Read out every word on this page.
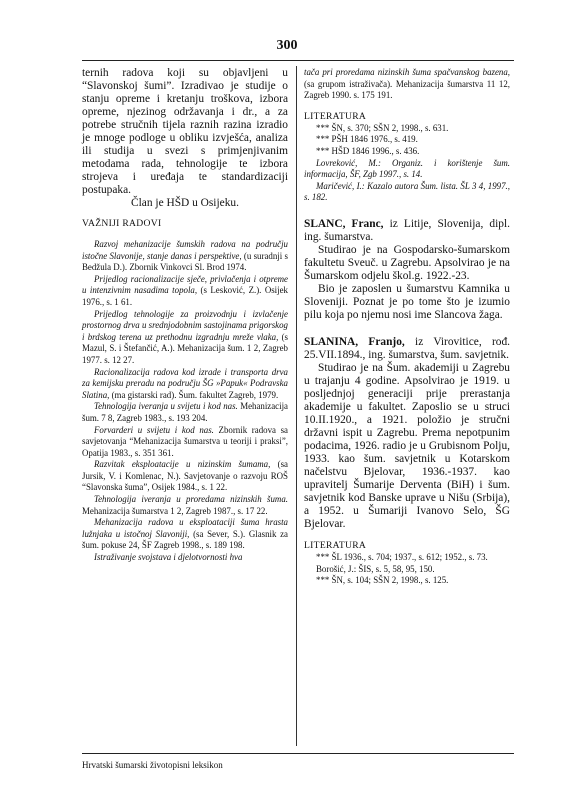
300

ternih radova koji su objavljeni u “Slavonskoj šumi”. Izradivao je studije o stanju opreme i kretanju troškova, izbora opreme, njezinog održavanja i dr., a za potrebe stručnih tijela raznih razina izradio je mnoge podloge u obliku izvješća, analiza ili studija u svezi s primjenjivanim metodama rada, tehnologije te izbora strojeva i uređaja te standardizaciji postupaka.

Član je HŠD u Osijeku.

VAŽNIJI RADOVI

Razvoj mehanizacije šumskih radova na području istočne Slavonije, stanje danas i perspektive, (u suradnji s Bedžula D.). Zbornik Vinkovci Sl. Brod 1974.

Prijedlog racionalizacije sječe, privlačenja i otpreme u intenzivnim nasadima topola, (s Lesković, Z.). Osijek 1976., s. 1 61.

Prijedlog tehnologije za proizvodnju i izvlačenje prostornog drva u srednjodobnim sastojinama prigorskog i brdskog terena uz prethodnu izgradnju mreže vlaka, (s Mazul, S. i Štefančić, A.). Mehanizacija šum. 1 2, Zagreb 1977. s. 12 27.

Racionalizacija radova kod izrade i transporta drva za kemijsku preradu na području ŠG »Papuk« Podravska Slatina, (ma gistarski rad). Šum. fakultet Zagreb, 1979.

Tehnologija iveranja u svijetu i kod nas. Mehanizacija šum. 7 8, Zagreb 1983., s. 193 204.

Forvarderi u svijetu i kod nas. Zbornik radova sa savjetovanja “Mehanizacija šumarstva u teoriji i praksi”, Opatija 1983., s. 351 361.

Razvitak eksploatacije u nizinskim šumama, (sa Jursik, V. i Komlenac, N.). Savjetovanje o razvoju ROŠ “Slavonska šuma”, Osijek 1984., s. 1 22.

Tehnologija iveranja u proredama nizinskih šuma. Mehanizacija šumarstva 1 2, Zagreb 1987., s. 17 22.

Mehanizacija radova u eksploataciji šuma hrasta lužnjaka u istočnoj Slavoniji, (sa Sever, S.). Glasnik za šum. pokuse 24, ŠF Zagreb 1998., s. 189 198.

Istraživanje svojstava i djelotvornosti hva

tača pri proredama nizinskih šuma spačvanskog bazena, (sa grupom istraživača). Mehanizacija šumarstva 11 12, Zagreb 1990. s. 175 191.

LITERATURA

*** ŠN, s. 370; SŠN 2, 1998., s. 631.

*** PŠH 1846 1976., s. 419.

*** HŠD 1846 1996., s. 436.

Lovreković, M.: Organiz. i korištenje šum. informacija, ŠF, Zgb 1997., s. 14.

Maričević, I.: Kazalo autora Šum. lista. ŠL 3 4, 1997., s. 182.

SLANC, Franc, iz Litije, Slovenija, dipl. ing. šumarstva.

Studirao je na Gospodarsko-šumarskom fakultetu Sveuč. u Zagrebu. Apsolvirao je na Šumarskom odjelu škol.g. 1922.-23.

Bio je zaposlen u šumarstvu Kamnika u Sloveniji. Poznat je po tome što je izumio pilu koja po njemu nosi ime Slancova žaga.

SLANINA, Franjo, iz Virovitice, rođ. 25.VII.1894., ing. šumarstva, šum. savjetnik.

Studirao je na Šum. akademiji u Zagrebu u trajanju 4 godine. Apsolvirao je 1919. u posljednjoj generaciji prije prerastanja akademije u fakultet. Zaposlio se u struci 10.II.1920., a 1921. položio je stručni državni ispit u Zagrebu. Prema nepotpunim podacima, 1926. radio je u Grubisnom Polju, 1933. kao šum. savjetnik u Kotarskom načelstvu Bjelovar, 1936.-1937. kao upravitelj Šumarije Derventa (BiH) i šum. savjetnik kod Banske uprave u Nišu (Srbija), a 1952. u Šumariji Ivanovo Selo, ŠG Bjelovar.

LITERATURA

*** ŠL 1936., s. 704; 1937., s. 612; 1952., s. 73.

Borošić, J.: ŠIS, s. 5, 58, 95, 150.

*** ŠN, s. 104; SŠN 2, 1998., s. 125.

Hrvatski šumarski životopisni leksikon
